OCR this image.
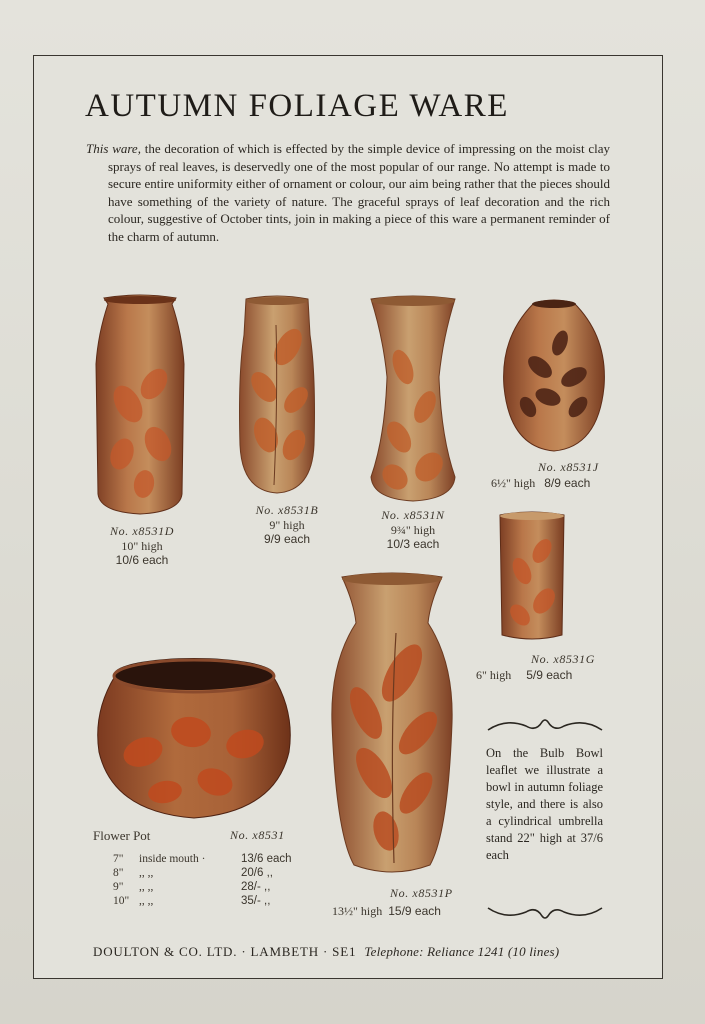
AUTUMN FOLIAGE WARE
This ware, the decoration of which is effected by the simple device of impressing on the moist clay sprays of real leaves, is deservedly one of the most popular of our range. No attempt is made to secure entire uniformity either of ornament or colour, our aim being rather that the pieces should have something of the variety of nature. The graceful sprays of leaf decoration and the rich colour, suggestive of October tints, join in making a piece of this ware a permanent reminder of the charm of autumn.
No. x8531D
10" high
10/6 each
No. x8531B
9" high
9/9 each
No. x8531N
9¾" high
10/3 each
No. x8531J
6½" high 8/9 each
No. x8531G
6" high 5/9 each
No. x8531P
13½" high 15/9 each
Flower Pot	No. x8531
7"	inside mouth ·	13/6 each
8"	,, ,,	20/6 ,,
9"	,, ,,	28/- ,,
10"	,, ,,	35/- ,,
On the Bulb Bowl leaflet we illustrate a bowl in autumn foliage style, and there is also a cylindrical umbrella stand 22" high at 37/6 each
DOULTON & CO. LTD. · LAMBETH · SE1 Telephone: Reliance 1241 (10 lines)
